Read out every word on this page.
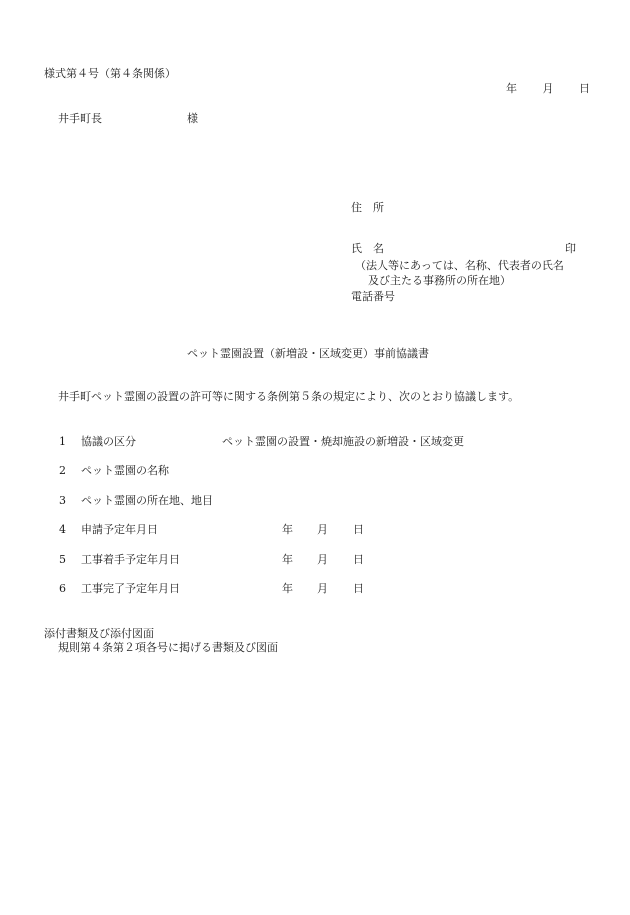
様式第４号（第４条関係）
年 月 日
井手町長	様
住　所
氏　名	印
（法人等にあっては、名称、代表者の氏名
及び主たる事務所の所在地）
電話番号
ペット霊園設置（新増設・区域変更）事前協議書
井手町ペット霊園の設置の許可等に関する条例第５条の規定により、次のとおり協議します。
1 協議の区分	ペット霊園の設置・焼却施設の新増設・区域変更
2 ペット霊園の名称
3 ペット霊園の所在地、地目
4 申請予定年月日	年 月 日
5 工事着手予定年月日	年 月 日
6 工事完了予定年月日	年 月 日
添付書類及び添付図面
規則第４条第２項各号に掲げる書類及び図面
